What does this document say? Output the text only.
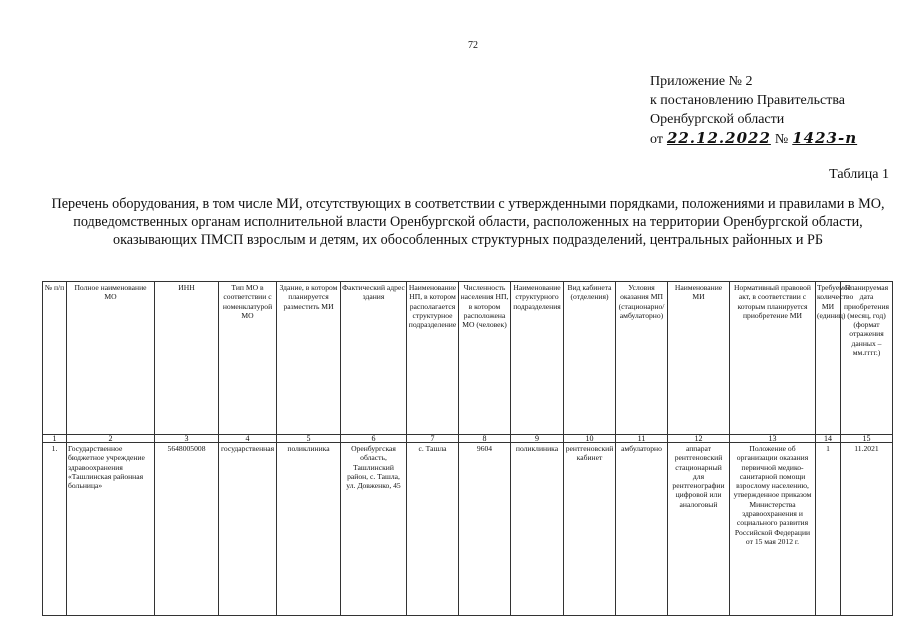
72
Приложение № 2
к постановлению Правительства
Оренбургской области
от 22.12.2022 № 1423-п
Таблица 1
Перечень оборудования, в том числе МИ, отсутствующих в соответствии с утвержденными порядками, положениями и правилами в МО, подведомственных органам исполнительной власти Оренбургской области, расположенных на территории Оренбургской области, оказывающих ПМСП взрослым и детям, их обособленных структурных подразделений, центральных районных и РБ
№ п/п	Полное наименование МО	ИНН	Тип МО в соответствии с номенклатурой МО	Здание, в котором планируется разместить МИ	Фактический адрес здания	Наименование НП, в котором располагается структурное подразделение	Численность населения НП, в котором расположена МО (человек)	Наименование структурного подразделения	Вид кабинета (отделения)	Условия оказания МП (стационарно/амбулаторно)	Наименование МИ	Нормативный правовой акт, в соответствии с которым планируется приобретение МИ	Требуемое количество МИ (единиц)	Планируемая дата приобретения (месяц, год) (формат отражения данных – мм.гггг.)
1	2	3	4	5	6	7	8	9	10	11	12	13	14	15
1.	Государственное бюджетное учреждение здравоохранения «Ташлинская районная больница»	5648005008	государственная	поликлиника	Оренбургская область, Ташлинский район, с. Ташла, ул. Довженко, 45	с. Ташла	9604	поликлиника	рентгеновский кабинет	амбулаторно	аппарат рентгеновский стационарный для рентгенографии цифровой или аналоговый	Положение об организации оказания первичной медико-санитарной помощи взрослому населению, утвержденное приказом Министерства здравоохранения и социального развития Российской Федерации от 15 мая 2012 г.	1	11.2021
